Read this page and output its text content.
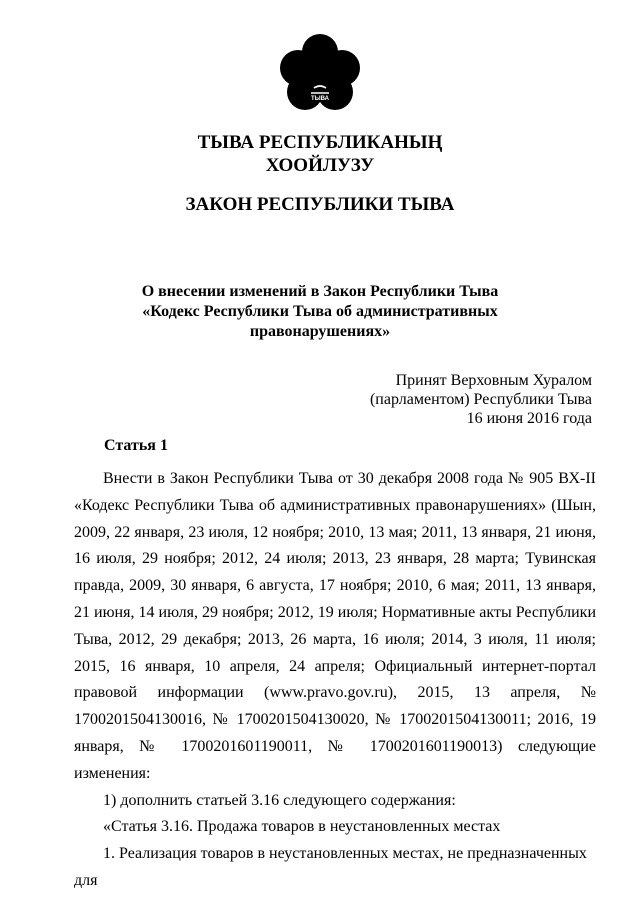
ТЫВА
ТЫВА РЕСПУБЛИКАНЫҢ
ХООЙЛУЗУ
ЗАКОН РЕСПУБЛИКИ ТЫВА
О внесении изменений в Закон Республики Тыва
«Кодекс Республики Тыва об административных
правонарушениях»
Принят Верховным Хуралом
(парламентом) Республики Тыва
16 июня 2016 года
Статья 1

Внести в Закон Республики Тыва от 30 декабря 2008 года № 905 ВХ-II «Кодекс Республики Тыва об административных правонарушениях» (Шын, 2009, 22 января, 23 июля, 12 ноября; 2010, 13 мая; 2011, 13 января, 21 июня, 16 июля, 29 ноября; 2012, 24 июля; 2013, 23 января, 28 марта; Тувинская правда, 2009, 30 января, 6 августа, 17 ноября; 2010, 6 мая; 2011, 13 января, 21 июня, 14 июля, 29 ноября; 2012, 19 июля; Нормативные акты Республики Тыва, 2012, 29 декабря; 2013, 26 марта, 16 июля; 2014, 3 июля, 11 июля; 2015, 16 января, 10 апреля, 24 апреля; Официальный интернет-портал правовой информации (www.pravo.gov.ru), 2015, 13 апреля, № 1700201504130016, № 1700201504130020, № 1700201504130011; 2016, 19 января, № 1700201601190011, № 1700201601190013) следующие изменения:

1) дополнить статьей 3.16 следующего содержания:

«Статья 3.16. Продажа товаров в неустановленных местах

1. Реализация товаров в неустановленных местах, не предназначенных для
